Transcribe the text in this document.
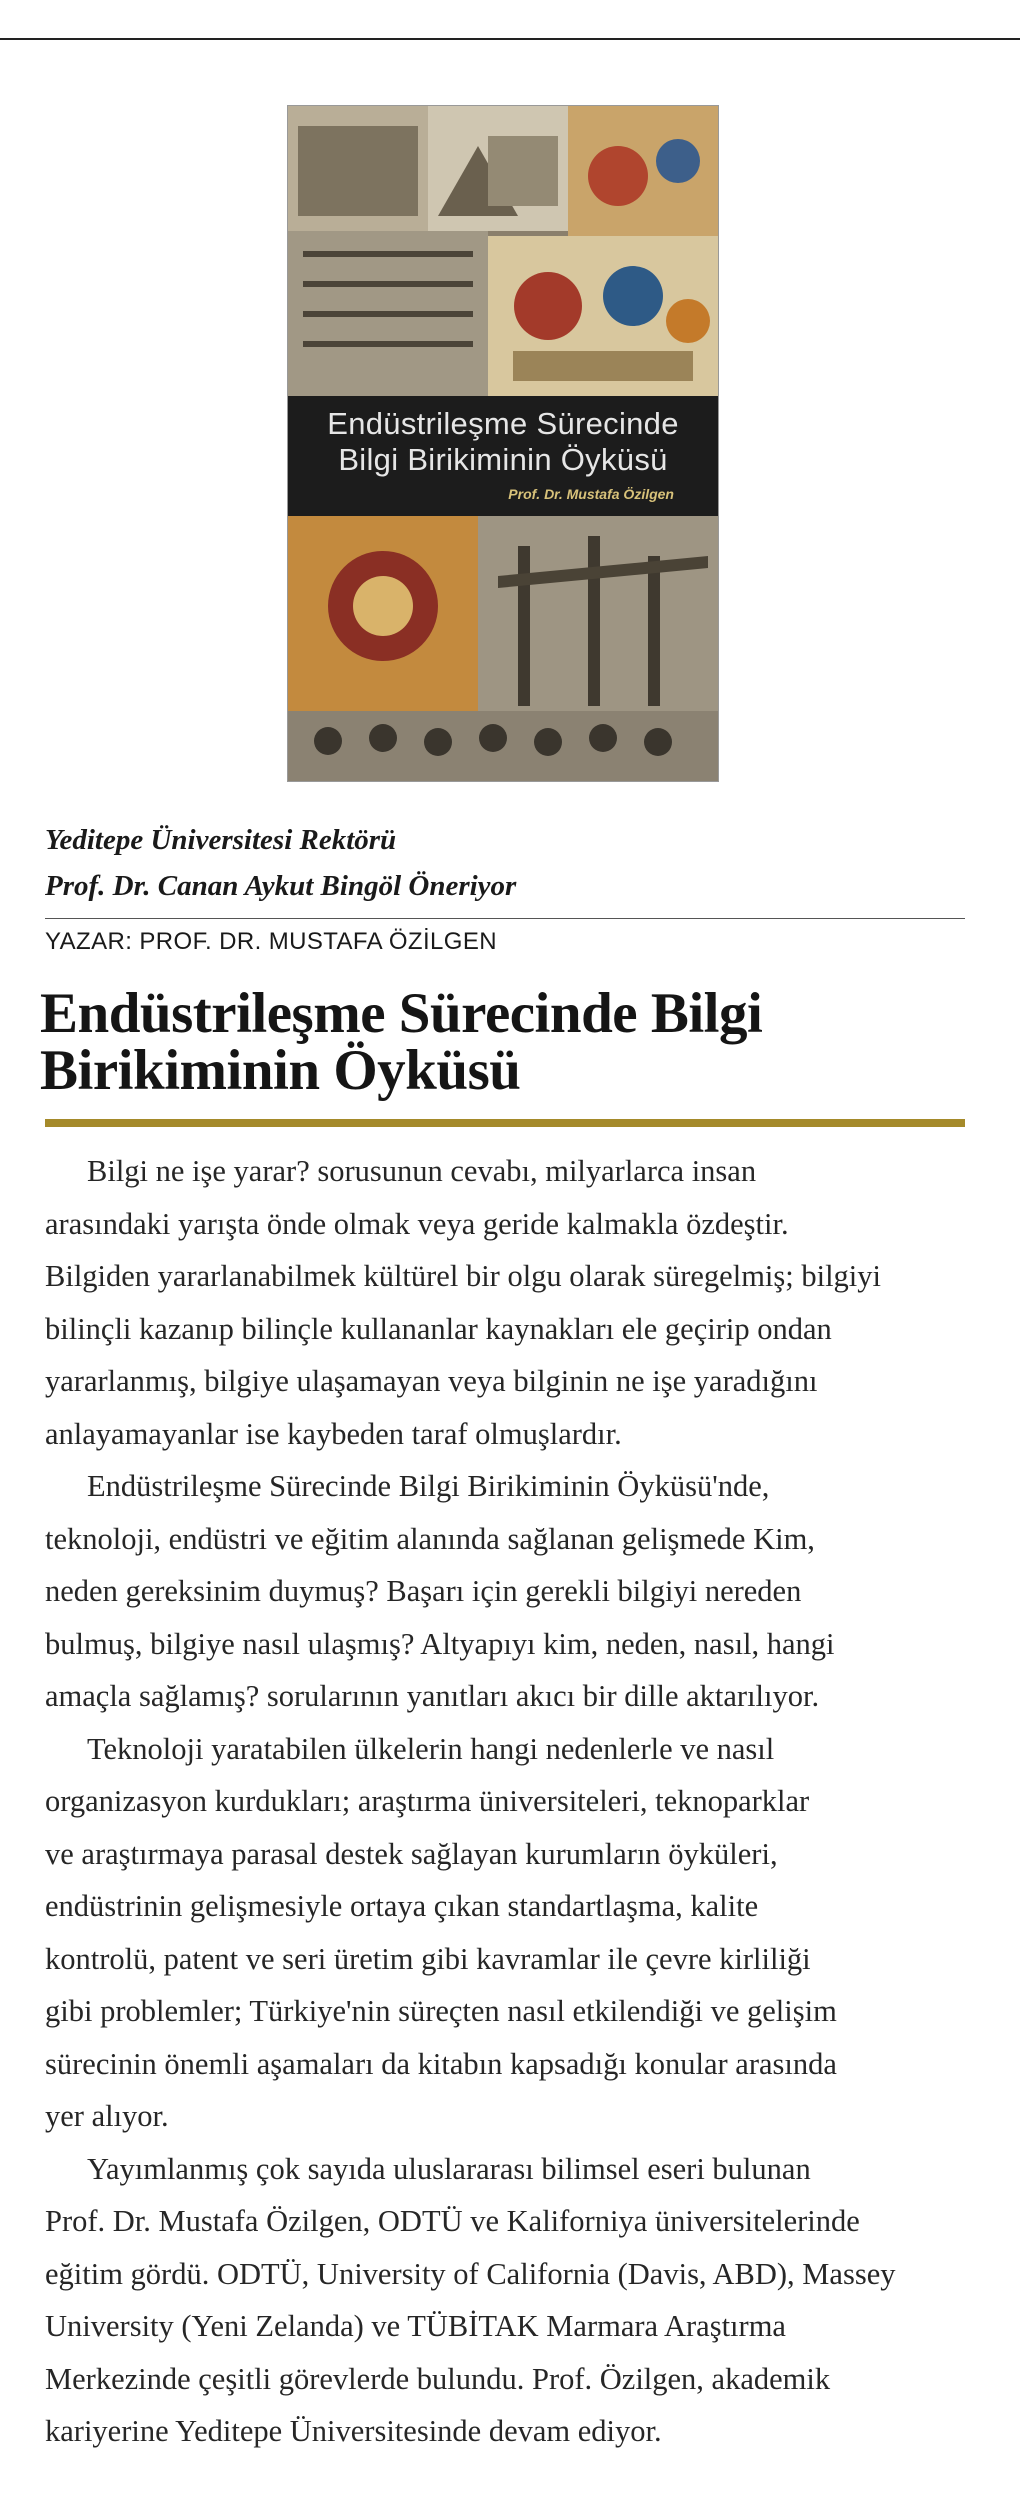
Endüstrileşme Sürecinde
Bilgi Birikiminin Öyküsü
Prof. Dr. Mustafa Özilgen
Yeditepe Üniversitesi Rektörü
Prof. Dr. Canan Aykut Bingöl Öneriyor
YAZAR: PROF. DR. MUSTAFA ÖZİLGEN
Endüstrileşme Sürecinde Bilgi
Birikiminin Öyküsü

Bilgi ne işe yarar? sorusunun cevabı, milyarlarca insan
arasındaki yarışta önde olmak veya geride kalmakla özdeştir.
Bilgiden yararlanabilmek kültürel bir olgu olarak süregelmiş; bilgiyi
bilinçli kazanıp bilinçle kullananlar kaynakları ele geçirip ondan
yararlanmış, bilgiye ulaşamayan veya bilginin ne işe yaradığını
anlayamayanlar ise kaybeden taraf olmuşlardır.

Endüstrileşme Sürecinde Bilgi Birikiminin Öyküsü'nde,
teknoloji, endüstri ve eğitim alanında sağlanan gelişmede Kim,
neden gereksinim duymuş? Başarı için gerekli bilgiyi nereden
bulmuş, bilgiye nasıl ulaşmış? Altyapıyı kim, neden, nasıl, hangi
amaçla sağlamış? sorularının yanıtları akıcı bir dille aktarılıyor.

Teknoloji yaratabilen ülkelerin hangi nedenlerle ve nasıl
organizasyon kurdukları; araştırma üniversiteleri, teknoparklar
ve araştırmaya parasal destek sağlayan kurumların öyküleri,
endüstrinin gelişmesiyle ortaya çıkan standartlaşma, kalite
kontrolü, patent ve seri üretim gibi kavramlar ile çevre kirliliği
gibi problemler; Türkiye'nin süreçten nasıl etkilendiği ve gelişim
sürecinin önemli aşamaları da kitabın kapsadığı konular arasında
yer alıyor.

Yayımlanmış çok sayıda uluslararası bilimsel eseri bulunan
Prof. Dr. Mustafa Özilgen, ODTÜ ve Kaliforniya üniversitelerinde
eğitim gördü. ODTÜ, University of California (Davis, ABD), Massey
University (Yeni Zelanda) ve TÜBİTAK Marmara Araştırma
Merkezinde çeşitli görevlerde bulundu. Prof. Özilgen, akademik
kariyerine Yeditepe Üniversitesinde devam ediyor.
